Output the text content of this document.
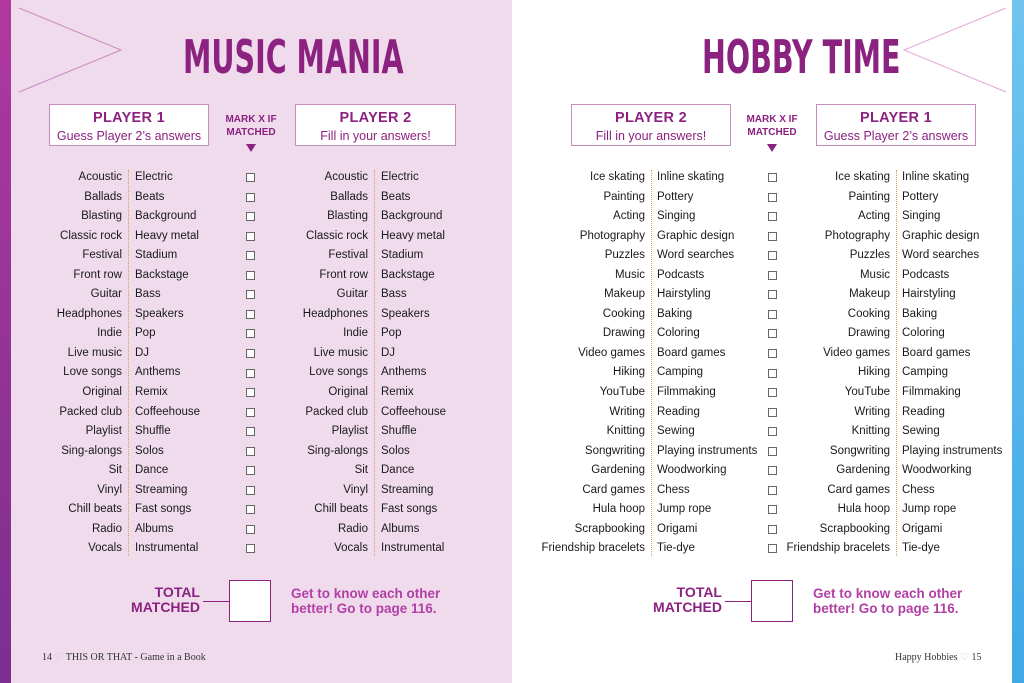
MUSIC MANIA
PLAYER 1
Guess Player 2’s answers
MARK X IF
MATCHED
PLAYER 2
Fill in your answers!
Acoustic
Ballads
Blasting
Classic rock
Festival
Front row
Guitar
Headphones
Indie
Live music
Love songs
Original
Packed club
Playlist
Sing-alongs
Sit
Vinyl
Chill beats
Radio
Vocals
Electric
Beats
Background
Heavy metal
Stadium
Backstage
Bass
Speakers
Pop
DJ
Anthems
Remix
Coffeehouse
Shuffle
Solos
Dance
Streaming
Fast songs
Albums
Instrumental
Acoustic
Ballads
Blasting
Classic rock
Festival
Front row
Guitar
Headphones
Indie
Live music
Love songs
Original
Packed club
Playlist
Sing-alongs
Sit
Vinyl
Chill beats
Radio
Vocals
Electric
Beats
Background
Heavy metal
Stadium
Backstage
Bass
Speakers
Pop
DJ
Anthems
Remix
Coffeehouse
Shuffle
Solos
Dance
Streaming
Fast songs
Albums
Instrumental
TOTAL
MATCHED
Get to know each other
better! Go to page 116.
14 ♡ THIS OR THAT - Game in a Book
HOBBY TIME
PLAYER 2
Fill in your answers!
MARK X IF
MATCHED
PLAYER 1
Guess Player 2’s answers
Ice skating
Painting
Acting
Photography
Puzzles
Music
Makeup
Cooking
Drawing
Video games
Hiking
YouTube
Writing
Knitting
Songwriting
Gardening
Card games
Hula hoop
Scrapbooking
Friendship bracelets
Inline skating
Pottery
Singing
Graphic design
Word searches
Podcasts
Hairstyling
Baking
Coloring
Board games
Camping
Filmmaking
Reading
Sewing
Playing instruments
Woodworking
Chess
Jump rope
Origami
Tie-dye
Ice skating
Painting
Acting
Photography
Puzzles
Music
Makeup
Cooking
Drawing
Video games
Hiking
YouTube
Writing
Knitting
Songwriting
Gardening
Card games
Hula hoop
Scrapbooking
Friendship bracelets
Inline skating
Pottery
Singing
Graphic design
Word searches
Podcasts
Hairstyling
Baking
Coloring
Board games
Camping
Filmmaking
Reading
Sewing
Playing instruments
Woodworking
Chess
Jump rope
Origami
Tie-dye
TOTAL
MATCHED
Get to know each other
better! Go to page 116.
Happy Hobbies ♡ 15
